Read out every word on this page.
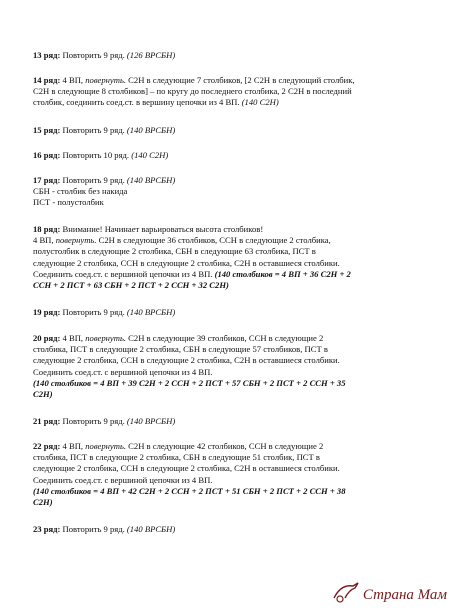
13 ряд: Повторить 9 ряд. (126 ВРСБН)
14 ряд: 4 ВП, повернуть. С2Н в следующие 7 столбиков, [2 С2Н в следующий столбик,
С2Н в следующие 8 столбиков] – по кругу до последнего столбика, 2 С2Н в последний
столбик, соединить соед.ст. в вершину цепочки из 4 ВП. (140 С2Н)
15 ряд: Повторить 9 ряд. (140 ВРСБН)
16 ряд: Повторить 10 ряд. (140 С2Н)
17 ряд: Повторить 9 ряд. (140 ВРСБН)
СБН - столбик без накида
ПСТ - полустолбик
18 ряд: Внимание! Начинает варьироваться высота столбиков!
4 ВП, повернуть. С2Н в следующие 36 столбиков, ССН в следующие 2 столбика,
полустолбик в следующие 2 столбика, СБН в следующие 63 столбика, ПСТ в
следующие 2 столбика, ССН в следующие 2 столбика, С2Н в оставшиеся столбики.
Соединить соед.ст. с вершиной цепочки из 4 ВП. (140 столбиков = 4 ВП + 36 С2Н + 2
ССН + 2 ПСТ + 63 СБН + 2 ПСТ + 2 ССН + 32 С2Н)
19 ряд: Повторить 9 ряд. (140 ВРСБН)
20 ряд: 4 ВП, повернуть. С2Н в следующие 39 столбиков, ССН в следующие 2
столбика, ПСТ в следующие 2 столбика, СБН в следующие 57 столбиков, ПСТ в
следующие 2 столбика, ССН в следующие 2 столбика, С2Н в оставшиеся столбики.
Соединить соед.ст. с вершиной цепочки из 4 ВП.
(140 столбиков = 4 ВП + 39 С2Н + 2 ССН + 2 ПСТ + 57 СБН + 2 ПСТ + 2 ССН + 35
С2Н)
21 ряд: Повторить 9 ряд. (140 ВРСБН)
22 ряд: 4 ВП, повернуть. С2Н в следующие 42 столбиков, ССН в следующие 2
столбика, ПСТ в следующие 2 столбика, СБН в следующие 51 столбик, ПСТ в
следующие 2 столбика, ССН в следующие 2 столбика, С2Н в оставшиеся столбики.
Соединить соед.ст. с вершиной цепочки из 4 ВП.
(140 столбиков = 4 ВП + 42 С2Н + 2 ССН + 2 ПСТ + 51 СБН + 2 ПСТ + 2 ССН + 38
С2Н)
23 ряд: Повторить 9 ряд. (140 ВРСБН)
Страна Мам
